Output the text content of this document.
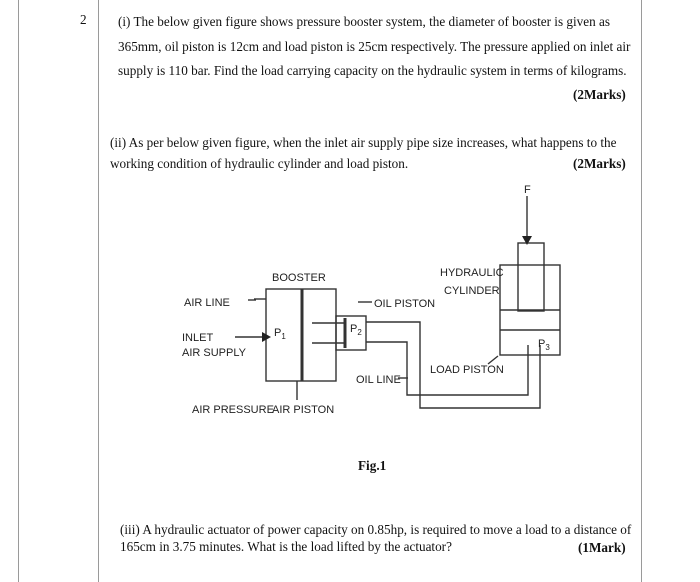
2 (i) The below given figure shows pressure booster system, the diameter of booster is given as
365mm, oil piston is 12cm and load piston is 25cm respectively. The pressure applied on inlet air
supply is 110 bar. Find the load carrying capacity on the hydraulic system in terms of kilograms.
(2Marks)
(ii) As per below given figure, when the inlet air supply pipe size increases, what happens to the
working condition of hydraulic cylinder and load piston.	(2Marks)
F
BOOSTER	HYDRAULIC
CYLINDER
AIR LINE	OIL PISTON
INLET
AIR SUPPLY
$P_1$
$P_2$
$P_3$
LOAD PISTON
OIL LINE
AIR PRESSURE
AIR PISTON
Fig.1
(iii) A hydraulic actuator of power capacity on 0.85hp, is required to move a load to a distance of
165cm in 3.75 minutes. What is the load lifted by the actuator?	(1Mark)
